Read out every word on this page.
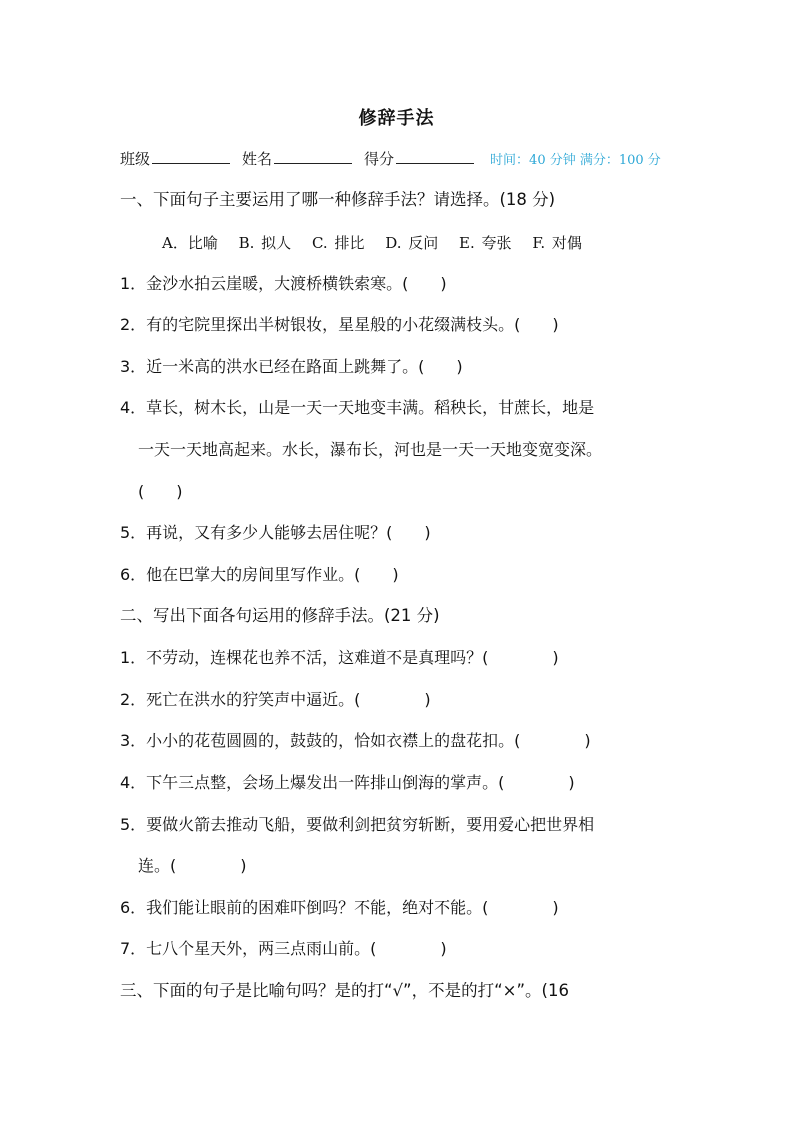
修辞手法
班级	姓名	得分	时间：40 分钟 满分：100 分
一、下面句子主要运用了哪一种修辞手法？请选择。(18 分)
A．比喻 B. 拟人 C. 排比 D. 反问 E. 夸张 F. 对偶
1．金沙水拍云崖暖，大渡桥横铁索寒。(　　)
2．有的宅院里探出半树银妆，星星般的小花缀满枝头。(　　)
3．近一米高的洪水已经在路面上跳舞了。(　　)
4．草长，树木长，山是一天一天地变丰满。稻秧长，甘蔗长，地是
一天一天地高起来。水长，瀑布长，河也是一天一天地变宽变深。
(　　)
5．再说，又有多少人能够去居住呢？(　　)
6．他在巴掌大的房间里写作业。(　　)
二、写出下面各句运用的修辞手法。(21 分)
1．不劳动，连棵花也养不活，这难道不是真理吗？(　　　　)
2．死亡在洪水的狞笑声中逼近。(　　　　)
3．小小的花苞圆圆的，鼓鼓的，恰如衣襟上的盘花扣。(　　　　)
4．下午三点整，会场上爆发出一阵排山倒海的掌声。(　　　　)
5．要做火箭去推动飞船，要做利剑把贫穷斩断，要用爱心把世界相
连。(　　　　)
6．我们能让眼前的困难吓倒吗？不能，绝对不能。(　　　　)
7．七八个星天外，两三点雨山前。(　　　　)
三、下面的句子是比喻句吗？是的打“√”，不是的打“×”。(16
